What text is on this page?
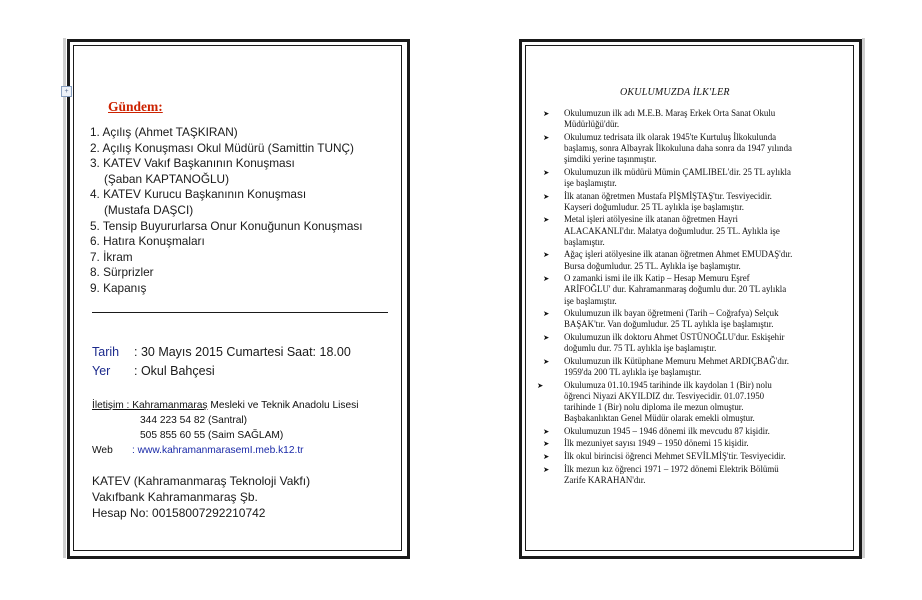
+
Gündem:
1. Açılış (Ahmet TAŞKIRAN)
2. Açılış Konuşması Okul Müdürü (Samittin TUNÇ)
3. KATEV Vakıf Başkanının Konuşması
(Şaban KAPTANOĞLU)
4. KATEV Kurucu Başkanının Konuşması
(Mustafa DAŞCI)
5. Tensip Buyururlarsa Onur Konuğunun Konuşması
6. Hatıra Konuşmaları
7. İkram
8. Sürprizler
9. Kapanış
Tarih : 30 Mayıs 2015 Cumartesi Saat: 18.00
Yer : Okul Bahçesi
İletişim : Kahramanmaraş Mesleki ve Teknik Anadolu Lisesi
344 223 54 82 (Santral)
505 855 60 55 (Saim SAĞLAM)
Web : www.kahramanmarasemI.meb.k12.tr
KATEV (Kahramanmaraş Teknoloji Vakfı)
Vakıfbank Kahramanmaraş Şb.
Hesap No: 00158007292210742
OKULUMUZDA İLK'LER
➤ Okulumuzun ilk adı M.E.B. Maraş Erkek Orta Sanat Okulu
Müdürlüğü'dür.
➤ Okulumuz tedrisata ilk olarak 1945'te Kurtuluş İlkokulunda
başlamış, sonra Albayrak İlkokuluna daha sonra da 1947 yılında
şimdiki yerine taşınmıştır.
➤ Okulumuzun ilk müdürü Mümin ÇAMLIBEL'dir. 25 TL aylıkla
işe başlamıştır.
➤ İlk atanan öğretmen Mustafa PİŞMİŞTAŞ'tır. Tesviyecidir.
Kayseri doğumludur. 25 TL aylıkla işe başlamıştır.
➤ Metal işleri atölyesine ilk atanan öğretmen Hayri
ALACAKANLI'dır. Malatya doğumludur. 25 TL. Aylıkla işe
başlamıştır.
➤ Ağaç işleri atölyesine ilk atanan öğretmen Ahmet EMUDAŞ'dır.
Bursa doğumludur. 25 TL. Aylıkla işe başlamıştır.
➤ O zamanki ismi ile ilk Katip – Hesap Memuru Eşref
ARİFOĞLU' dur. Kahramanmaraş doğumlu dur. 20 TL aylıkla
işe başlamıştır.
➤ Okulumuzun ilk bayan öğretmeni (Tarih – Coğrafya) Selçuk
BAŞAK'tır. Van doğumludur. 25 TL aylıkla işe başlamıştır.
➤ Okulumuzun ilk doktoru Ahmet ÜSTÜNOĞLU'dur. Eskişehir
doğumlu dur. 75 TL aylıkla işe başlamıştır.
➤ Okulumuzun ilk Kütüphane Memuru Mehmet ARDIÇBAĞ'dır.
1959'da 200 TL aylıkla işe başlamıştır.
➤ Okulumuza 01.10.1945 tarihinde ilk kaydolan 1 (Bir) nolu
öğrenci Niyazi AKYILDIZ dır. Tesviyecidir. 01.07.1950
tarihinde 1 (Bir) nolu diploma ile mezun olmuştur.
Başbakanlıktan Genel Müdür olarak emekli olmuştur.
➤ Okulumuzun 1945 – 1946 dönemi ilk mevcudu 87 kişidir.
➤ İlk mezuniyet sayısı 1949 – 1950 dönemi 15 kişidir.
➤ İlk okul birincisi öğrenci Mehmet SEVİLMİŞ'tir. Tesviyecidir.
➤ İlk mezun kız öğrenci 1971 – 1972 dönemi Elektrik Bölümü
Zarife KARAHAN'dır.
